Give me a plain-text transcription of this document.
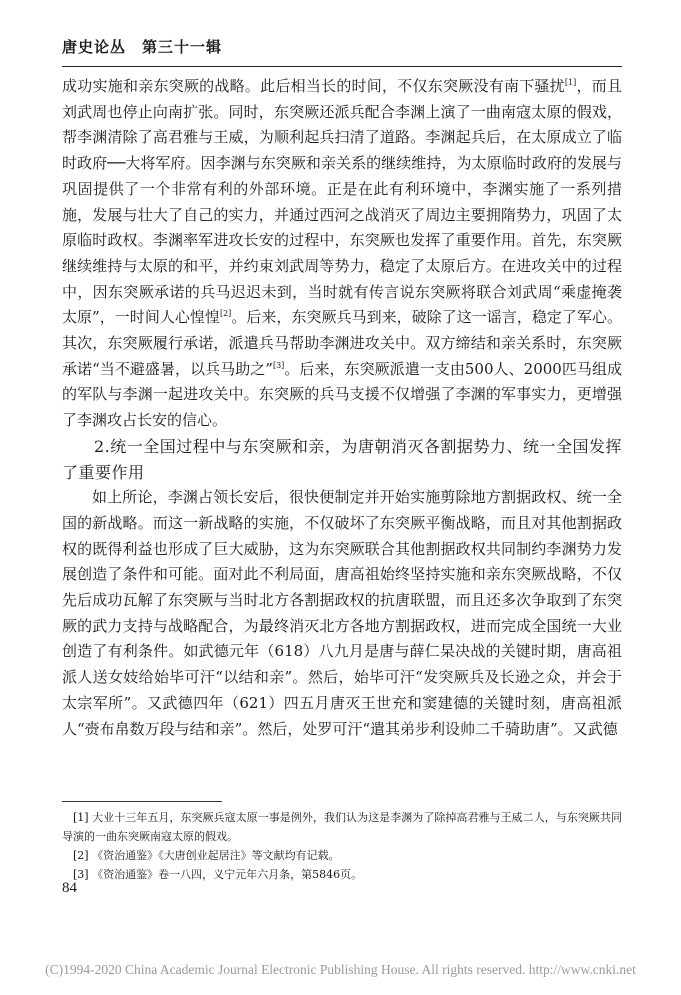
唐史论丛　 第三十一辑

成功实施和亲东突厥的战略。此后相当长的时间，不仅东突厥没有南下骚扰[1]，而且刘武周也停止向南扩张。同时，东突厥还派兵配合李渊上演了一曲南寇太原的假戏，帮李渊清除了高君雅与王威，为顺利起兵扫清了道路。李渊起兵后，在太原成立了临时政府──大将军府。因李渊与东突厥和亲关系的继续维持，为太原临时政府的发展与巩固提供了一个非常有利的外部环境。正是在此有利环境中，李渊实施了一系列措施，发展与壮大了自己的实力，并通过西河之战消灭了周边主要拥隋势力，巩固了太原临时政权。李渊率军进攻长安的过程中，东突厥也发挥了重要作用。首先，东突厥继续维持与太原的和平，并约束刘武周等势力，稳定了太原后方。在进攻关中的过程中，因东突厥承诺的兵马迟迟未到，当时就有传言说东突厥将联合刘武周“乘虚掩袭太原”，一时间人心惶惶[2]。后来，东突厥兵马到来，破除了这一谣言，稳定了军心。其次，东突厥履行承诺，派遣兵马帮助李渊进攻关中。双方缔结和亲关系时，东突厥承诺“当不避盛暑，以兵马助之”[3]。后来，东突厥派遣一支由500人、2000匹马组成的军队与李渊一起进攻关中。东突厥的兵马支援不仅增强了李渊的军事实力，更增强了李渊攻占长安的信心。

2.统一全国过程中与东突厥和亲，为唐朝消灭各割据势力、统一全国发挥了重要作用

如上所论，李渊占领长安后，很快便制定并开始实施剪除地方割据政权、统一全国的新战略。而这一新战略的实施，不仅破坏了东突厥平衡战略，而且对其他割据政权的既得利益也形成了巨大威胁，这为东突厥联合其他割据政权共同制约李渊势力发展创造了条件和可能。面对此不利局面，唐高祖始终坚持实施和亲东突厥战略，不仅先后成功瓦解了东突厥与当时北方各割据政权的抗唐联盟，而且还多次争取到了东突厥的武力支持与战略配合，为最终消灭北方各地方割据政权，进而完成全国统一大业创造了有利条件。如武德元年（618）八九月是唐与薛仁杲决战的关键时期，唐高祖派人送女妓给始毕可汗“以结和亲”。然后，始毕可汗“发突厥兵及长逊之众，并会于太宗军所”。又武德四年（621）四五月唐灭王世充和窦建德的关键时刻，唐高祖派人“赍布帛数万段与结和亲”。然后，处罗可汗“遣其弟步利设帅二千骑助唐”。又武德

[1] 大业十三年五月，东突厥兵寇太原一事是例外，我们认为这是李渊为了除掉高君雅与王威二人，与东突厥共同导演的一曲东突厥南寇太原的假戏。

[2] 《资治通鉴》《大唐创业起居注》等文献均有记载。

[3] 《资治通鉴》卷一八四，义宁元年六月条，第5846页。

84
(C)1994-2020 China Academic Journal Electronic Publishing House. All rights reserved. http://www.cnki.net
